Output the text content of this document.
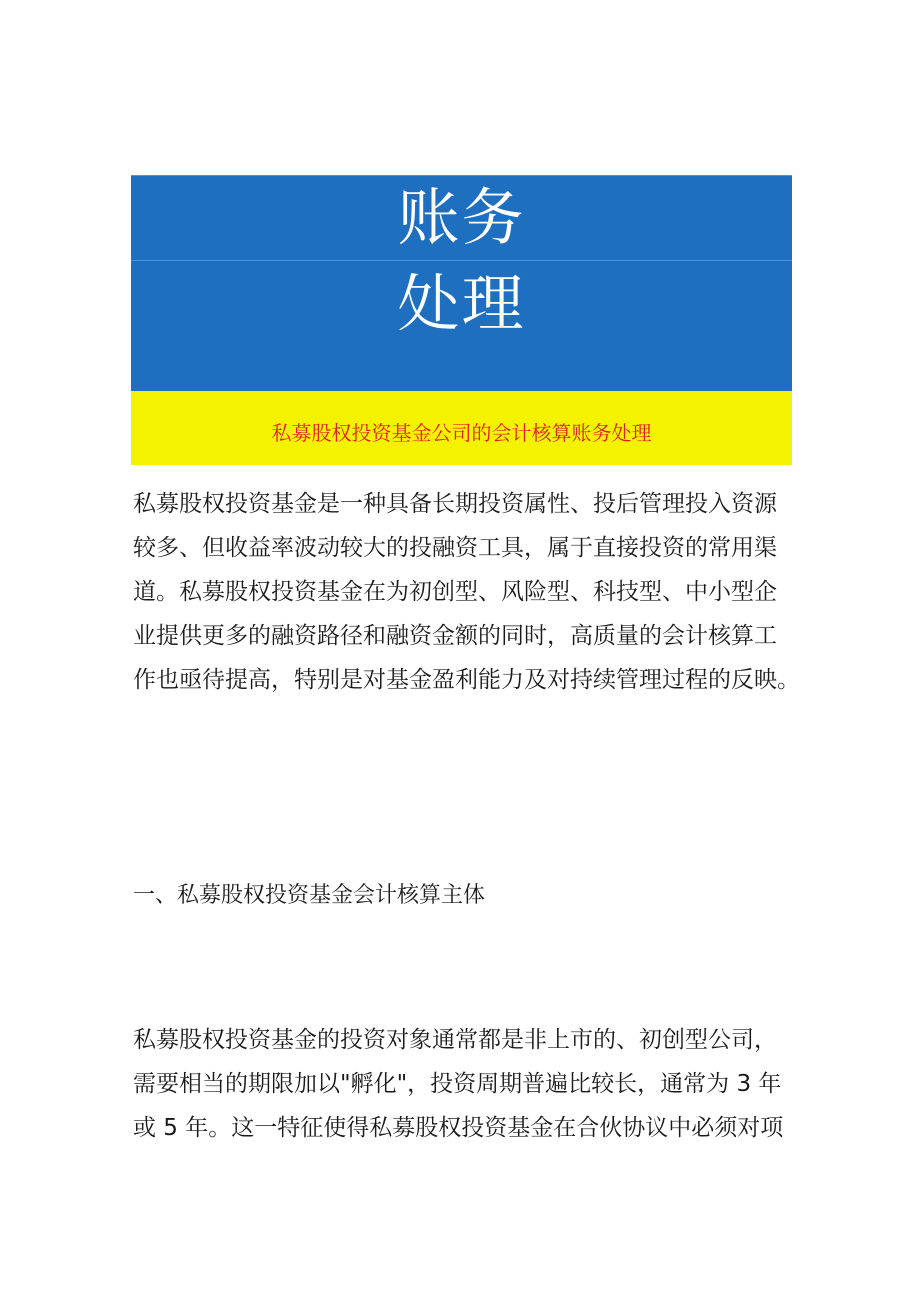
账务
处理
私募股权投资基金公司的会计核算账务处理

私募股权投资基金是一种具备长期投资属性、投后管理投入资源
较多、但收益率波动较大的投融资工具，属于直接投资的常用渠
道。私募股权投资基金在为初创型、风险型、科技型、中小型企
业提供更多的融资路径和融资金额的同时，高质量的会计核算工
作也亟待提高，特别是对基金盈利能力及对持续管理过程的反映。

一、私募股权投资基金会计核算主体

私募股权投资基金的投资对象通常都是非上市的、初创型公司，
需要相当的期限加以"孵化"，投资周期普遍比较长，通常为 3 年
或 5 年。这一特征使得私募股权投资基金在合伙协议中必须对项
